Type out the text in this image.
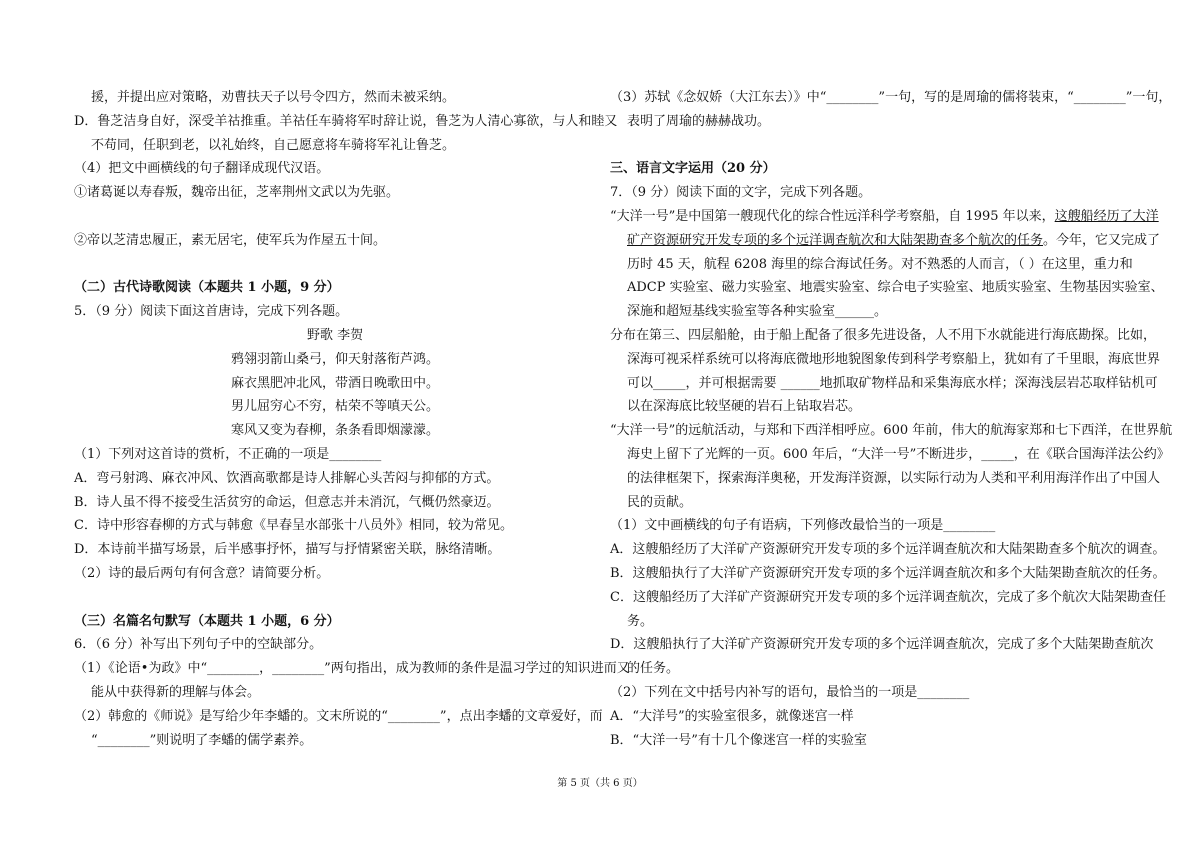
援，并提出应对策略，劝曹扶天子以号令四方，然而未被采纳。
D．鲁芝洁身自好，深受羊祜推重。羊祜任车骑将军时辞让说，鲁芝为人清心寡欲，与人和睦又
不苟同，任职到老，以礼始终，自己愿意将车骑将军礼让鲁芝。
（4）把文中画横线的句子翻译成现代汉语。
①诸葛诞以寿春叛，魏帝出征，芝率荆州文武以为先驱。
②帝以芝清忠履正，素无居宅，使军兵为作屋五十间。
（二）古代诗歌阅读（本题共 1 小题，9 分）
5．（9 分）阅读下面这首唐诗，完成下列各题。
野歌 李贺
鸦翎羽箭山桑弓，仰天射落衔芦鸿。
麻衣黑肥冲北风，带酒日晚歌田中。
男儿屈穷心不穷，枯荣不等嗔天公。
寒风又变为春柳，条条看即烟濛濛。
（1）下列对这首诗的赏析，不正确的一项是________
A．弯弓射鸿、麻衣冲风、饮酒高歌都是诗人排解心头苦闷与抑郁的方式。
B．诗人虽不得不接受生活贫穷的命运，但意志并未消沉，气概仍然豪迈。
C．诗中形容春柳的方式与韩愈《早春呈水部张十八员外》相同，较为常见。
D．本诗前半描写场景，后半感事抒怀，描写与抒情紧密关联，脉络清晰。
（2）诗的最后两句有何含意？请简要分析。
（三）名篇名句默写（本题共 1 小题，6 分）
6．（6 分）补写出下列句子中的空缺部分。
（1）《论语•为政》中“________，________”两句指出，成为教师的条件是温习学过的知识进而又
能从中获得新的理解与体会。
（2）韩愈的《师说》是写给少年李蟠的。文末所说的“________”，点出李蟠的文章爱好，而
“________”则说明了李蟠的儒学素养。
（3）苏轼《念奴娇（大江东去）》中“________”一句，写的是周瑜的儒将装束，“________”一句，
表明了周瑜的赫赫战功。
三、语言文字运用（20 分）
7．（9 分）阅读下面的文字，完成下列各题。
“大洋一号”是中国第一艘现代化的综合性远洋科学考察船，自 1995 年以来，这艘船经历了大洋
矿产资源研究开发专项的多个远洋调查航次和大陆架勘查多个航次的任务。今年，它又完成了
历时 45 天，航程 6208 海里的综合海试任务。对不熟悉的人而言，（ ）在这里，重力和
ADCP 实验室、磁力实验室、地震实验室、综合电子实验室、地质实验室、生物基因实验室、
深施和超短基线实验室等各种实验室______。
分布在第三、四层船舱，由于船上配备了很多先进设备，人不用下水就能进行海底勘探。比如，
深海可视采样系统可以将海底微地形地貌图象传到科学考察船上，犹如有了千里眼，海底世界
可以_____，并可根据需要 ______地抓取矿物样品和采集海底水样；深海浅层岩芯取样钻机可
以在深海底比较坚硬的岩石上钻取岩芯。
“大洋一号”的远航活动，与郑和下西洋相呼应。600 年前，伟大的航海家郑和七下西洋，在世界航
海史上留下了光辉的一页。600 年后，“大洋一号”不断进步，_____，在《联合国海洋法公约》
的法律框架下，探索海洋奥秘，开发海洋资源，以实际行动为人类和平利用海洋作出了中国人
民的贡献。
（1）文中画横线的句子有语病，下列修改最恰当的一项是________
A．这艘船经历了大洋矿产资源研究开发专项的多个远洋调查航次和大陆架勘查多个航次的调查。
B．这艘船执行了大洋矿产资源研究开发专项的多个远洋调查航次和多个大陆架勘查航次的任务。
C．这艘船经历了大洋矿产资源研究开发专项的多个远洋调查航次，完成了多个航次大陆架勘查任
务。
D．这艘船执行了大洋矿产资源研究开发专项的多个远洋调查航次，完成了多个大陆架勘查航次
的任务。
（2）下列在文中括号内补写的语句，最恰当的一项是________
A．“大洋号”的实验室很多，就像迷宫一样
B．“大洋一号”有十几个像迷宫一样的实验室
第 5 页（共 6 页）
